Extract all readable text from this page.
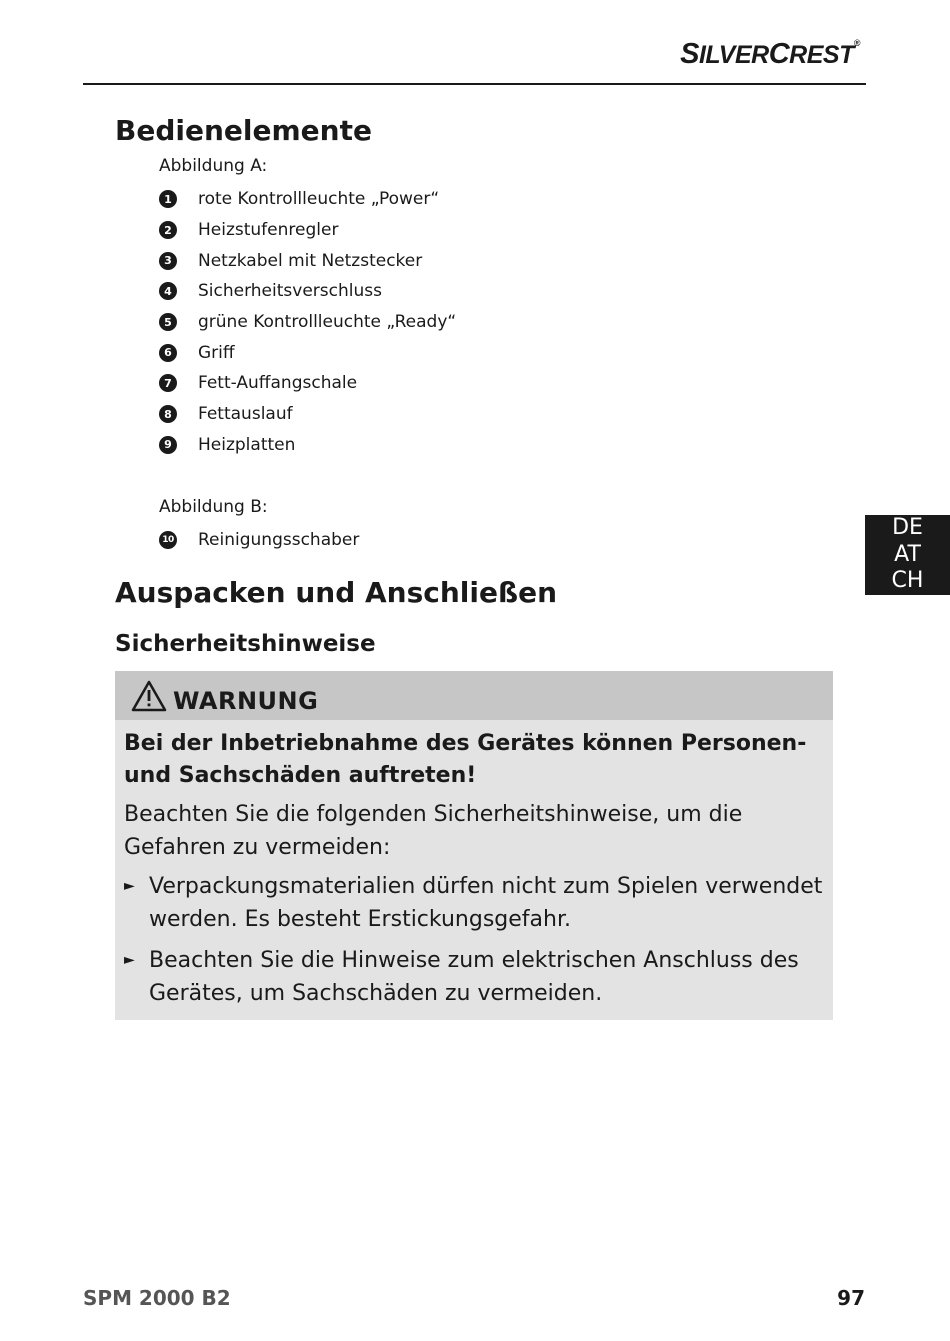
SILVERCREST®
Bedienelemente

Abbildung A:

1	rote Kontrollleuchte „Power“
2	Heizstufenregler
3	Netzkabel mit Netzstecker
4	Sicherheitsverschluss
5	grüne Kontrollleuchte „Ready“
6	Griff
7	Fett-Auffangschale
8	Fettauslauf
9	Heizplatten

Abbildung B:

10 Reinigungsschaber
DE
AT
CH
Auspacken und Anschließen
Sicherheitshinweise
WARNUNG
Bei der Inbetriebnahme des Gerätes können Personen- und Sachschäden auftreten!
Beachten Sie die folgenden Sicherheitshinweise, um die Gefahren zu vermeiden:
► Verpackungsmaterialien dürfen nicht zum Spielen verwendet werden. Es besteht Erstickungsgefahr.
► Beachten Sie die Hinweise zum elektrischen Anschluss des Gerätes, um Sachschäden zu vermeiden.
SPM 2000 B2	97
